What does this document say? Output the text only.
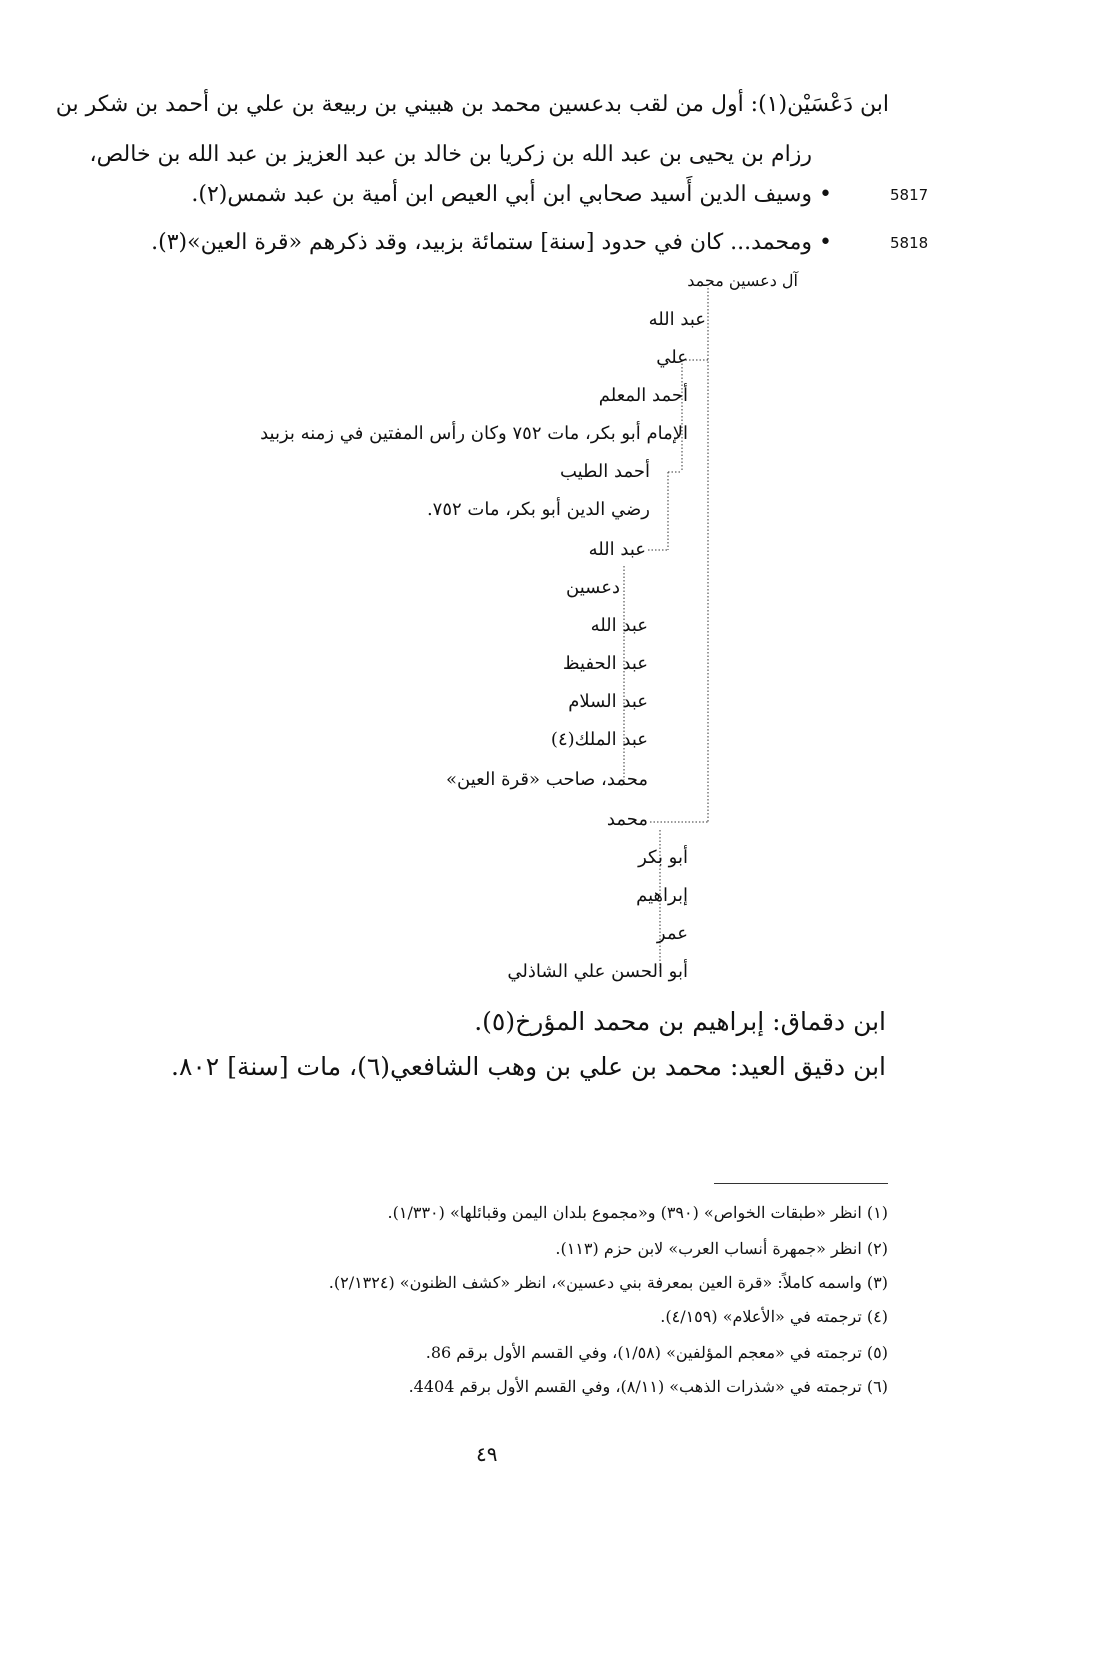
ابن دَعْسَيْن(١): أول من لقب بدعسين محمد بن هبيني بن ربيعة بن علي بن أحمد بن شكر بن
رزام بن يحيى بن عبد الله بن زكريا بن خالد بن عبد العزيز بن عبد الله بن خالص،
• وسيف الدين أَسيد صحابي ابن أبي العيص ابن أمية بن عبد شمس(٢).	5817
• ومحمد... كان في حدود [سنة] ستمائة بزبيد، وقد ذكرهم «قرة العين»(٣).	5818
آل دعسين محمد
عبد الله
علي
أحمد المعلم
الإمام أبو بكر، مات ٧٥٢ وكان رأس المفتين في زمنه بزبيد
أحمد الطيب
رضي الدين أبو بكر، مات ٧٥٢.
عبد الله
دعسين
عبد الله
عبد الحفيظ
عبد السلام
عبد الملك(٤)
محمد، صاحب «قرة العين»
محمد
أبو بكر
إبراهيم
عمر
أبو الحسن علي الشاذلي
ابن دقماق: إبراهيم بن محمد المؤرخ(٥).
ابن دقيق العيد: محمد بن علي بن وهب الشافعي(٦)، مات [سنة] ٨٠٢.
(١) انظر «طبقات الخواص» (٣٩٠) و«مجموع بلدان اليمن وقبائلها» (١/٣٣٠).
(٢) انظر «جمهرة أنساب العرب» لابن حزم (١١٣).
(٣) واسمه كاملاً: «قرة العين بمعرفة بني دعسين»، انظر «كشف الظنون» (٢/١٣٢٤).
(٤) ترجمته في «الأعلام» (٤/١٥٩).
(٥) ترجمته في «معجم المؤلفين» (١/٥٨)، وفي القسم الأول برقم 86.
(٦) ترجمته في «شذرات الذهب» (٨/١١)، وفي القسم الأول برقم 4404.
٤٩
